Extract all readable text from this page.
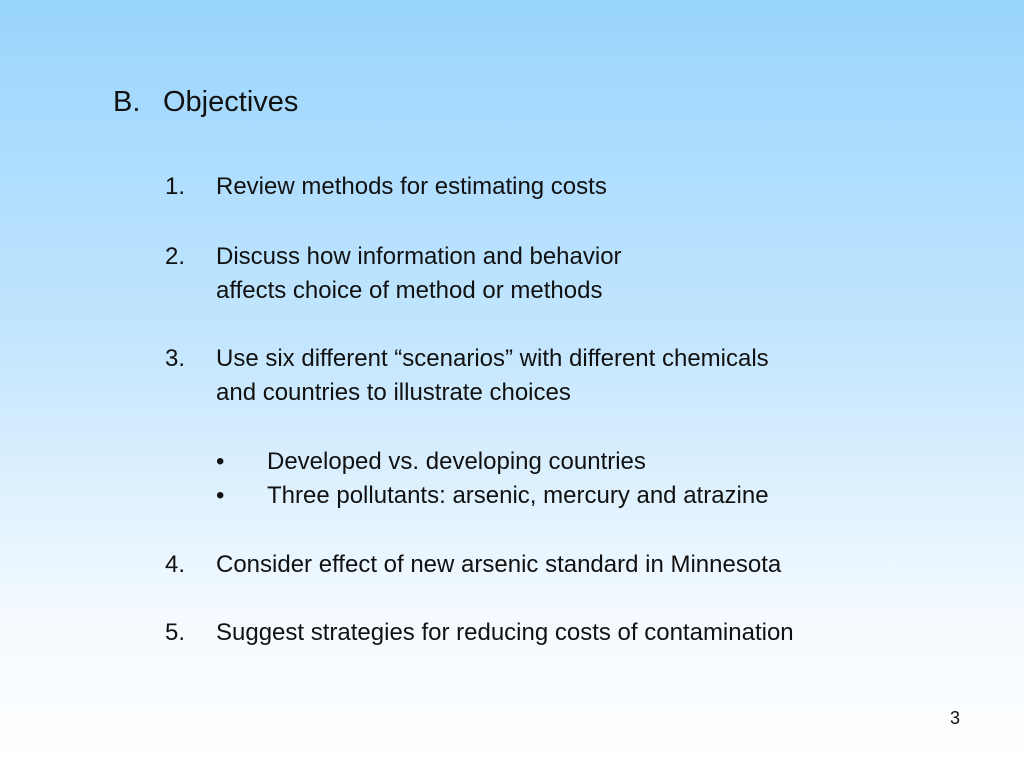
B. Objectives
1. Review methods for estimating costs
2. Discuss how information and behavior
affects choice of method or methods
3. Use six different “scenarios” with different chemicals
and countries to illustrate choices
• Developed vs. developing countries
• Three pollutants: arsenic, mercury and atrazine
4. Consider effect of new arsenic standard in Minnesota
5. Suggest strategies for reducing costs of contamination
3
